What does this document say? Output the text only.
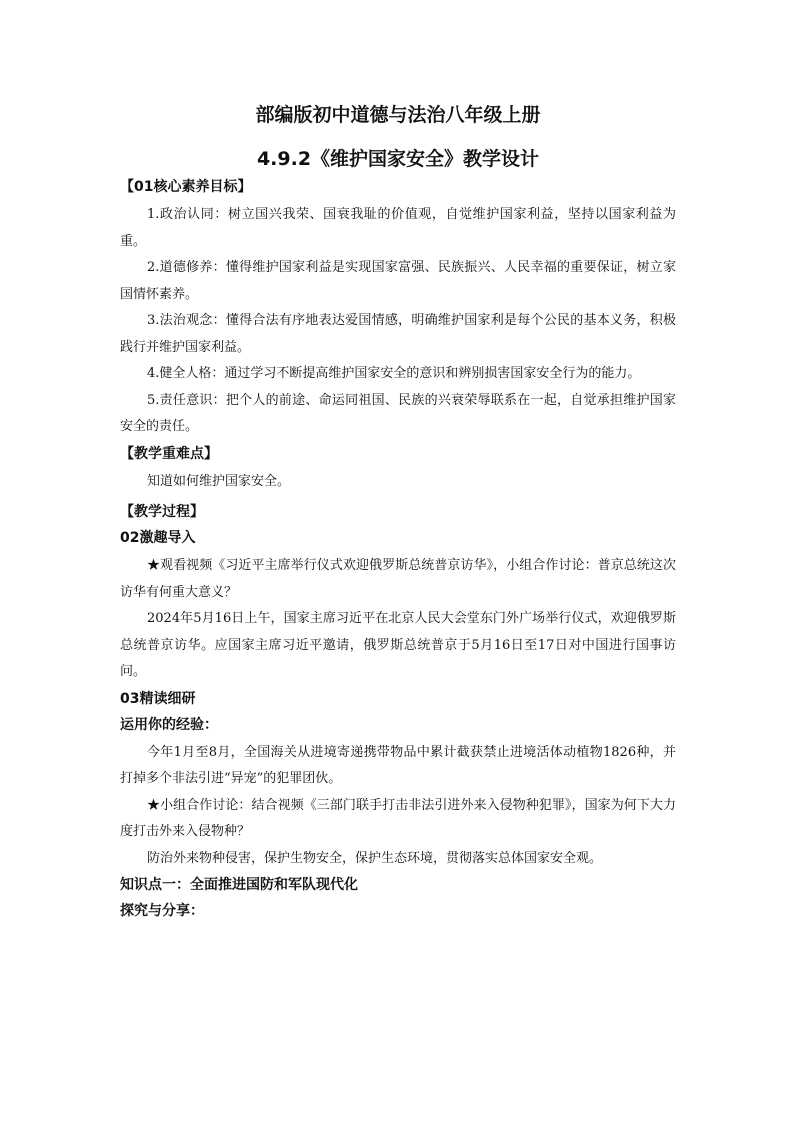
部编版初中道德与法治八年级上册
4.9.2《维护国家安全》教学设计
【01核心素养目标】

1.政治认同：树立国兴我荣、国衰我耻的价值观，自觉维护国家利益，坚持以国家利益为重。

2.道德修养：懂得维护国家利益是实现国家富强、民族振兴、人民幸福的重要保证，树立家国情怀素养。

3.法治观念：懂得合法有序地表达爱国情感，明确维护国家利是每个公民的基本义务，积极践行并维护国家利益。

4.健全人格：通过学习不断提高维护国家安全的意识和辨别损害国家安全行为的能力。

5.责任意识：把个人的前途、命运同祖国、民族的兴衰荣辱联系在一起，自觉承担维护国家安全的责任。

【教学重难点】

知道如何维护国家安全。

【教学过程】
02激趣导入

★观看视频《习近平主席举行仪式欢迎俄罗斯总统普京访华》，小组合作讨论：普京总统这次访华有何重大意义？

2024年5月16日上午，国家主席习近平在北京人民大会堂东门外广场举行仪式，欢迎俄罗斯总统普京访华。应国家主席习近平邀请，俄罗斯总统普京于5月16日至17日对中国进行国事访问。

03精读细研
运用你的经验：

今年1月至8月，全国海关从进境寄递携带物品中累计截获禁止进境活体动植物1826种，并打掉多个非法引进“异宠”的犯罪团伙。

★小组合作讨论：结合视频《三部门联手打击非法引进外来入侵物种犯罪》，国家为何下大力度打击外来入侵物种？

防治外来物种侵害，保护生物安全，保护生态环境，贯彻落实总体国家安全观。

知识点一：全面推进国防和军队现代化
探究与分享：
